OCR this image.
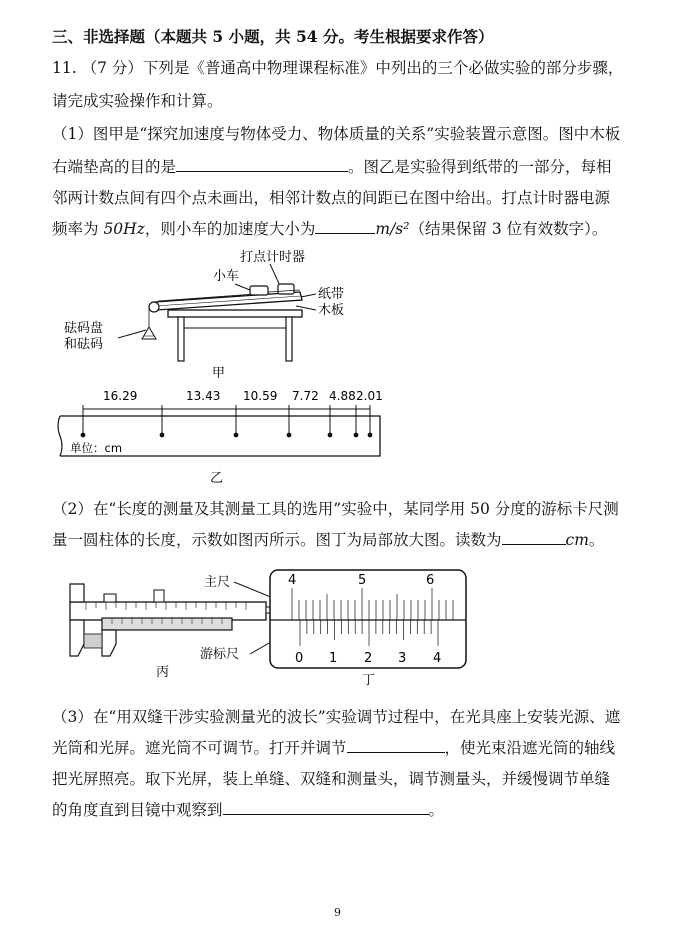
三、非选择题（本题共 5 小题，共 54 分。考生根据要求作答）
11. （7 分）下列是《普通高中物理课程标准》中列出的三个必做实验的部分步骤，
请完成实验操作和计算。
（1）图甲是“探究加速度与物体受力、物体质量的关系”实验装置示意图。图中木板
右端垫高的目的是	。图乙是实验得到纸带的一部分，每相
邻两计数点间有四个点未画出，相邻计数点的间距已在图中给出。打点计时器电源
频率为 50Hz，则小车的加速度大小为	m/s²（结果保留 3 位有效数字）。
打点计时器
小车
纸带
木板
砝码盘
和砝码
甲
16.29	13.43 10.59 7.72 4.88 2.01
单位：cm
乙
（2）在“长度的测量及其测量工具的选用”实验中，某同学用 50 分度的游标卡尺测
量一圆柱体的长度，示数如图丙所示。图丁为局部放大图。读数为	cm。
丙
主尺
游标尺
4	5	6
0 1 2 3 4
丁
（3）在“用双缝干涉实验测量光的波长”实验调节过程中，在光具座上安装光源、遮
光筒和光屏。遮光筒不可调节。打开并调节	，使光束沿遮光筒的轴线
把光屏照亮。取下光屏，装上单缝、双缝和测量头，调节测量头，并缓慢调节单缝
的角度直到目镜中观察到	。
9
